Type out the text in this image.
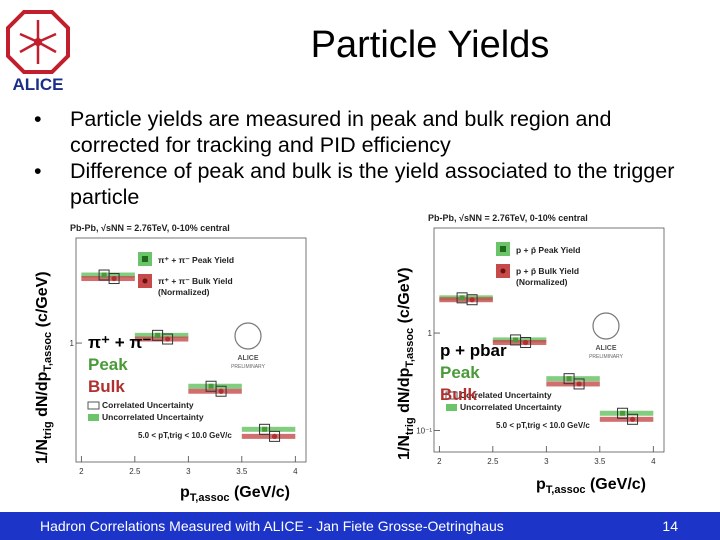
ALICE
Particle Yields
• Particle yields are measured in peak and bulk region and corrected for tracking and PID efficiency
• Difference of peak and bulk is the yield associated to the trigger particle
$1/N_{trig}$ $dN/dp_{T,assoc}$ (c/GeV)
Pb-Pb, √sNN = 2.76TeV, 0-10% central
2	2.5	3	3.5	4
1
π⁺ + π⁻ Peak Yield
π⁺ + π⁻ Bulk Yield
(Normalized)
ALICE
PRELIMINARY
Correlated Uncertainty
Uncorrelated Uncertainty
5.0 < pT,trig < 10.0 GeV/c
π⁺ + π⁻
Peak
Bulk
$p_{T,assoc}$ (GeV/c)
$1/N_{trig}$ $dN/dp_{T,assoc}$ (c/GeV)
Pb-Pb, √sNN = 2.76TeV, 0-10% central
2	2.5	3	3.5	4
1
10⁻¹
p + p̄ Peak Yield
p + p̄ Bulk Yield
(Normalized)
ALICE
PRELIMINARY
Correlated Uncertainty
Uncorrelated Uncertainty
5.0 < pT,trig < 10.0 GeV/c
p + pbar
Peak
Bulk
$p_{T,assoc}$ (GeV/c)
Hadron Correlations Measured with ALICE - Jan Fiete Grosse-Oetringhaus	14
